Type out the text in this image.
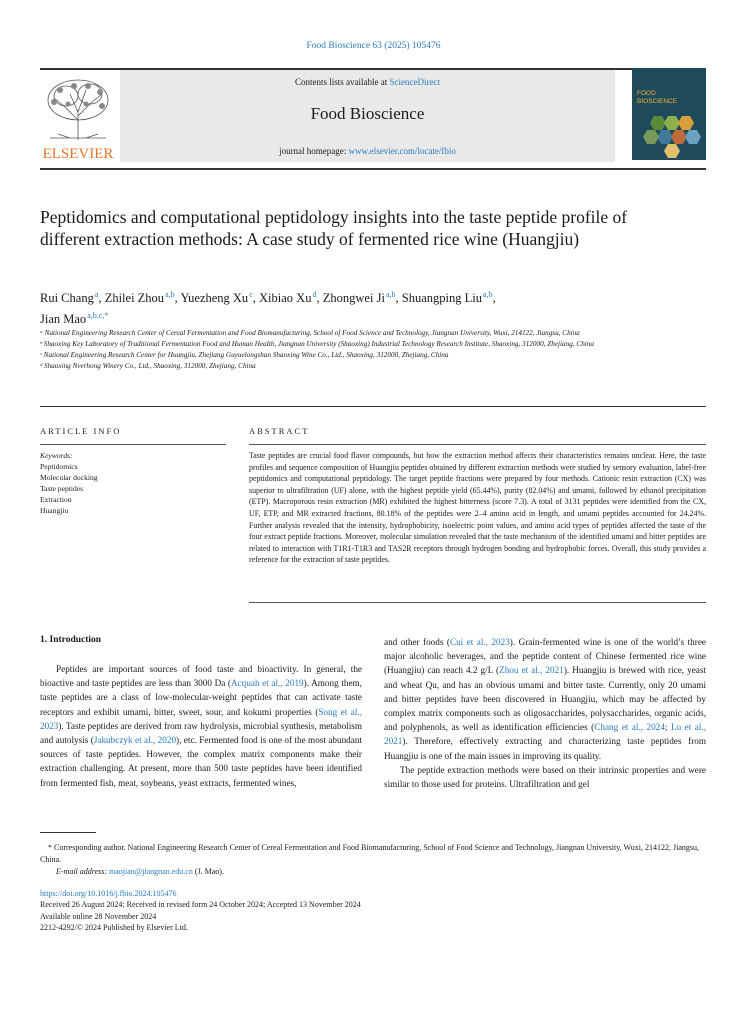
Food Bioscience 63 (2025) 105476
ELSEVIER
Contents lists available at ScienceDirect
Food Bioscience
journal homepage: www.elsevier.com/locate/fbio
FOOD
BIOSCIENCE
Peptidomics and computational peptidology insights into the taste peptide profile of different extraction methods: A case study of fermented rice wine (Huangjiu)
Rui Chang $^a$, Zhilei Zhou $^{a,b}$, Yuezheng Xu $^c$, Xibiao Xu $^d$, Zhongwei Ji $^{a,b}$, Shuangping Liu $^{a,b}$,
Jian Mao $^{a,b,c,*}$

ᵃ National Engineering Research Center of Cereal Fermentation and Food Biomanufacturing, School of Food Science and Technology, Jiangnan University, Wuxi, 214122, Jiangsu, China

ᵇ Shaoxing Key Laboratory of Traditional Fermentation Food and Human Health, Jiangnan University (Shaoxing) Industrial Technology Research Institute, Shaoxing, 312000, Zhejiang, China

ᶜ National Engineering Research Center for Huangjiu, Zhejiang Guyuelongshan Shaoxing Wine Co., Ltd., Shaoxing, 312000, Zhejiang, China

ᵈ Shaoxing Nverhong Winery Co., Ltd., Shaoxing, 312000, Zhejiang, China

ARTICLE INFO
Keywords:
Peptidomics
Molecular docking
Taste peptides
Extraction
Huangjiu
ABSTRACT
Taste peptides are crucial food flavor compounds, but how the extraction method affects their characteristics remains unclear. Here, the taste profiles and sequence composition of Huangjiu peptides obtained by different extraction methods were studied by sensory evaluation, label-free peptidomics and computational peptidology. The target peptide fractions were prepared by four methods. Cationic resin extraction (CX) was superior to ultrafiltration (UF) alone, with the highest peptide yield (65.44%), purity (82.04%) and umami, followed by ethanol precipitation (ETP). Macroporous resin extraction (MR) exhibited the highest bitterness (score 7.3). A total of 3131 peptides were identified from the CX, UF, ETP, and MR extracted fractions, 80.18% of the peptides were 2–4 amino acid in length, and umami peptides accounted for 24.24%. Further analysis revealed that the intensity, hydrophobicity, isoelectric point values, and amino acid types of peptides affected the taste of the four extract peptide fractions. Moreover, molecular simulation revealed that the taste mechanism of the identified umami and bitter peptides are related to interaction with T1R1-T1R3 and TAS2R receptors through hydrogen bonding and hydrophobic forces. Overall, this study provides a reference for the extraction of taste peptides.
1. Introduction
Peptides are important sources of food taste and bioactivity. In general, the bioactive and taste peptides are less than 3000 Da (Acquah et al., 2019). Among them, taste peptides are a class of low-molecular-weight peptides that can activate taste receptors and exhibit umami, bitter, sweet, sour, and kokumi properties (Song et al., 2023). Taste peptides are derived from raw hydrolysis, microbial synthesis, metabolism and autolysis (Jakubczyk et al., 2020), etc. Fermented food is one of the most abundant sources of taste peptides. However, the complex matrix components make their extraction challenging. At present, more than 500 taste peptides have been identified from fermented fish, meat, soybeans, yeast extracts, fermented wines,
and other foods (Cui et al., 2023). Grain-fermented wine is one of the world’s three major alcoholic beverages, and the peptide content of Chinese fermented rice wine (Huangjiu) can reach 4.2 g/L (Zhou et al., 2021). Huangjiu is brewed with rice, yeast and wheat Qu, and has an obvious umami and bitter taste. Currently, only 20 umami and bitter peptides have been discovered in Huangjiu, which may be affected by complex matrix components such as oligosaccharides, polysaccharides, organic acids, and polyphenols, as well as identification efficiencies (Chang et al., 2024; Lu et al., 2021). Therefore, effectively extracting and characterizing taste peptides from Huangjiu is one of the main issues in improving its quality.
The peptide extraction methods were based on their intrinsic properties and were similar to those used for proteins. Ultrafiltration and gel
* Corresponding author. National Engineering Research Center of Cereal Fermentation and Food Biomanufacturing, School of Food Science and Technology, Jiangnan University, Wuxi, 214122, Jiangsu, China.
E-mail address: maojian@jiangnan.edu.cn (J. Mao).
https://doi.org/10.1016/j.fbio.2024.105476
Received 26 August 2024; Received in revised form 24 October 2024; Accepted 13 November 2024
Available online 28 November 2024
2212-4292/© 2024 Published by Elsevier Ltd.
